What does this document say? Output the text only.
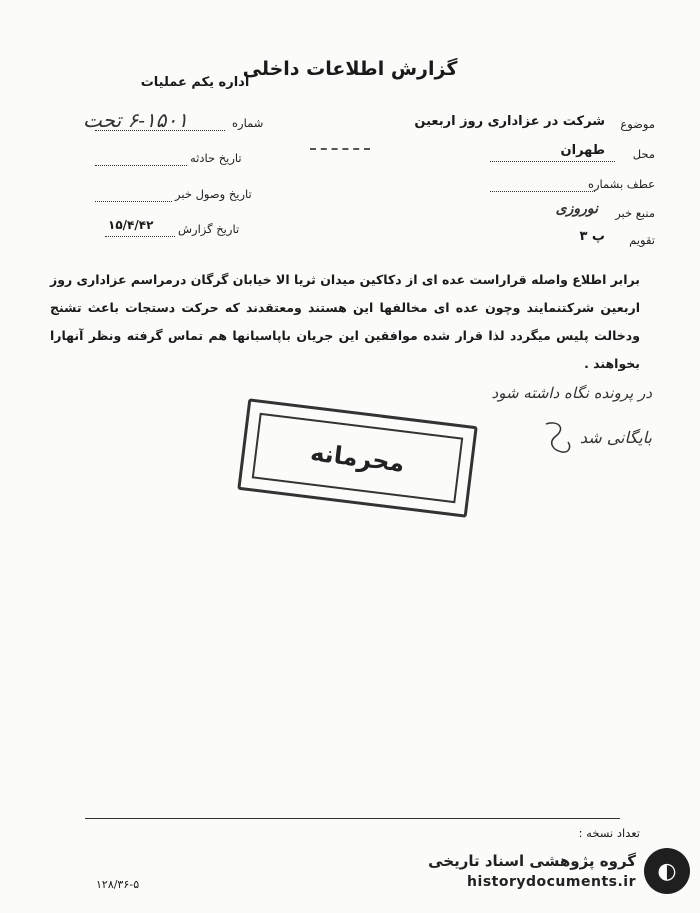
گزارش اطلاعات داخلی
اداره یکم عملیات
موضوع
شرکت در عزاداری روز اربعین
محل
طهران
عطف بشماره
منبع خبر
نوروزی
تقویم
پ ۳
شماره
۶-۱۵۰۱ تحت
تاریخ حادثه
تاریخ وصول خبر
تاریخ گزارش
۱۵/۴/۴۲
برابر اطلاع واصله قراراست عده ای از دکاکین میدان ثریا الا خیابان گرگان درمراسم عزاداری روز اربعین شرکتنمایند وچون عده ای مخالفها این هستند ومعتقدند که حرکت دستجات باعث تشنج ودخالت پلیس میگردد لذا قرار شده موافقین این جریان باپاسبانها هم تماس گرفته ونظر آنهارا بخواهند .
در پرونده نگاه داشته شود
بایگانی شد
محرمانه
تعداد نسخه :
۱۲۸/۳۶-۵
◐
گروه پژوهشی اسناد تاریخی
historydocuments.ir
